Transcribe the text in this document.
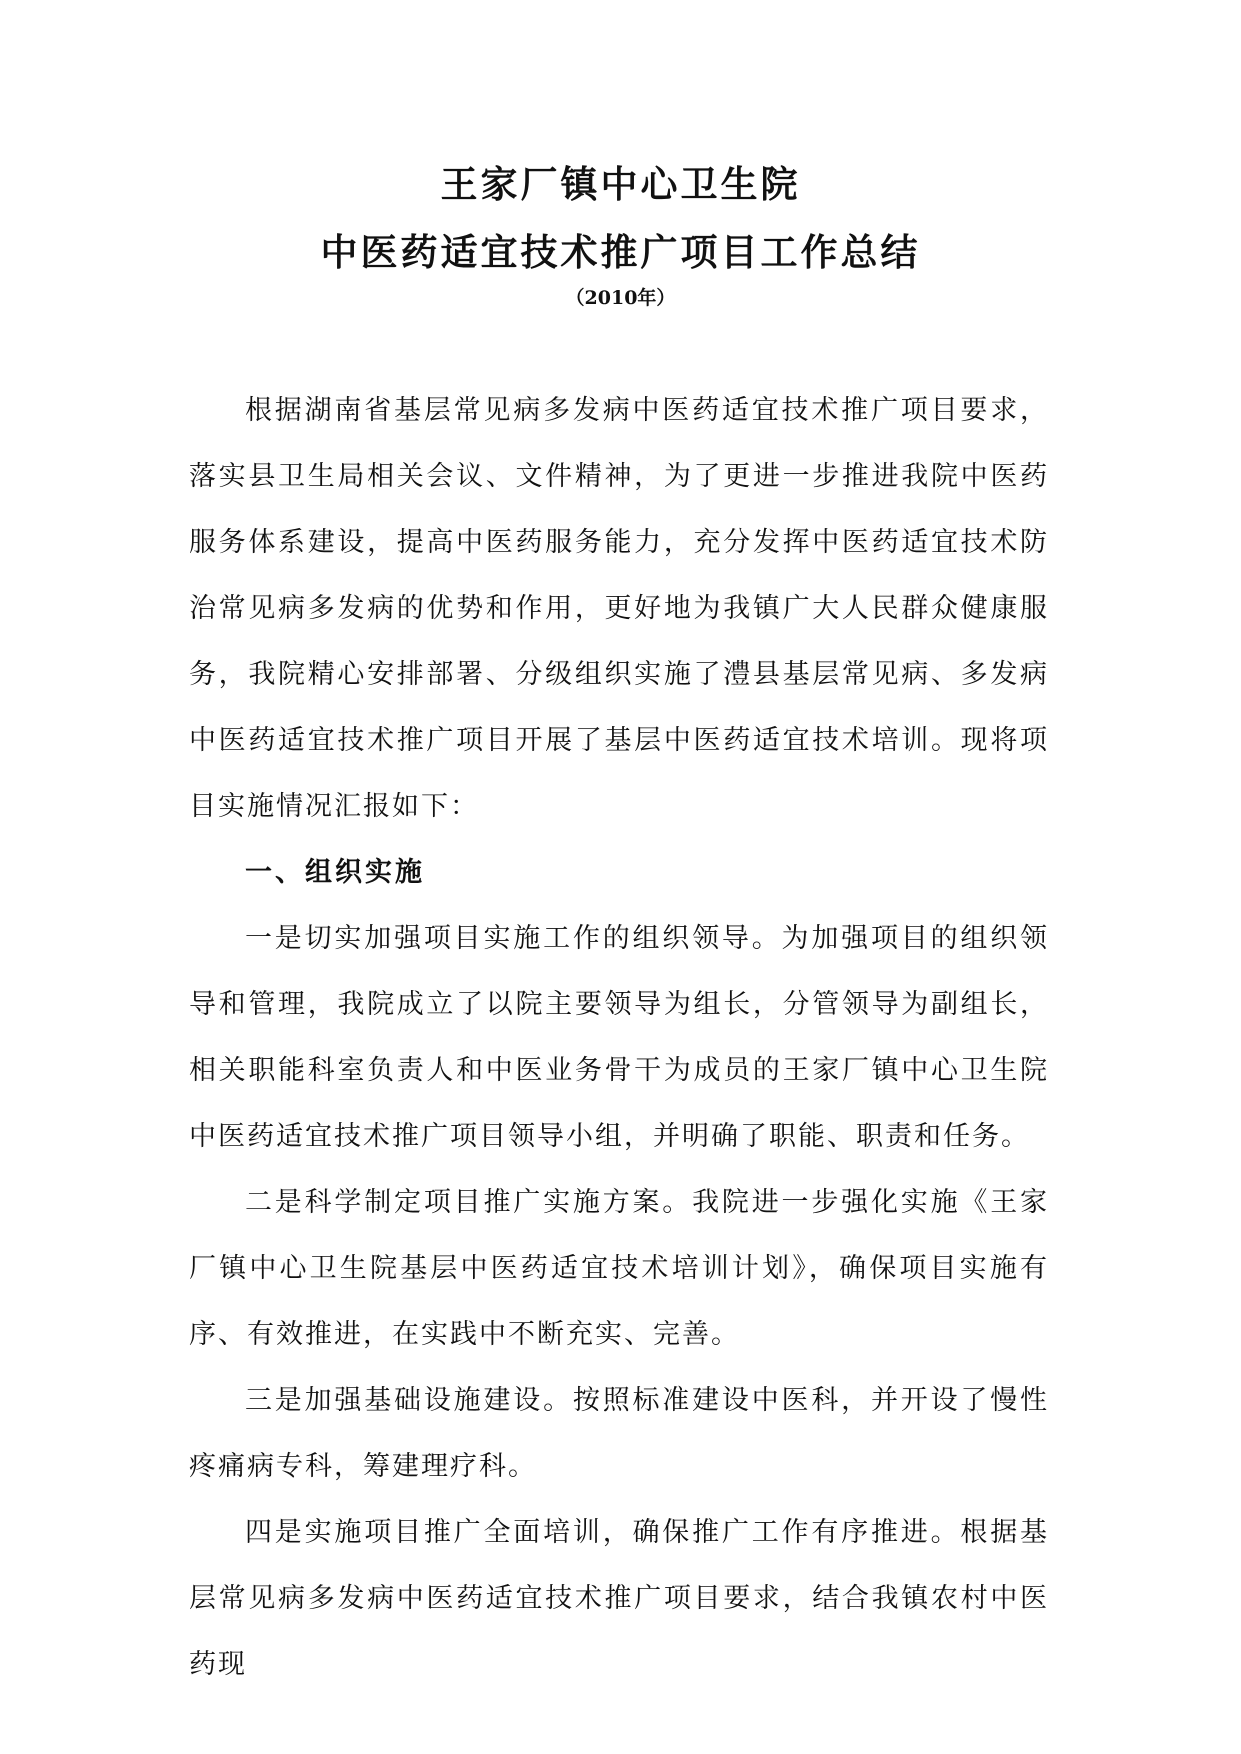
王家厂镇中心卫生院
中医药适宜技术推广项目工作总结
（2010年）

根据湖南省基层常见病多发病中医药适宜技术推广项目要求，落实县卫生局相关会议、文件精神，为了更进一步推进我院中医药服务体系建设，提高中医药服务能力，充分发挥中医药适宜技术防治常见病多发病的优势和作用，更好地为我镇广大人民群众健康服务，我院精心安排部署、分级组织实施了澧县基层常见病、多发病中医药适宜技术推广项目开展了基层中医药适宜技术培训。现将项目实施情况汇报如下：

一、组织实施

一是切实加强项目实施工作的组织领导。为加强项目的组织领导和管理，我院成立了以院主要领导为组长，分管领导为副组长，相关职能科室负责人和中医业务骨干为成员的王家厂镇中心卫生院中医药适宜技术推广项目领导小组，并明确了职能、职责和任务。

二是科学制定项目推广实施方案。我院进一步强化实施《王家厂镇中心卫生院基层中医药适宜技术培训计划》，确保项目实施有序、有效推进，在实践中不断充实、完善。

三是加强基础设施建设。按照标准建设中医科，并开设了慢性疼痛病专科，筹建理疗科。

四是实施项目推广全面培训，确保推广工作有序推进。根据基层常见病多发病中医药适宜技术推广项目要求，结合我镇农村中医药现
